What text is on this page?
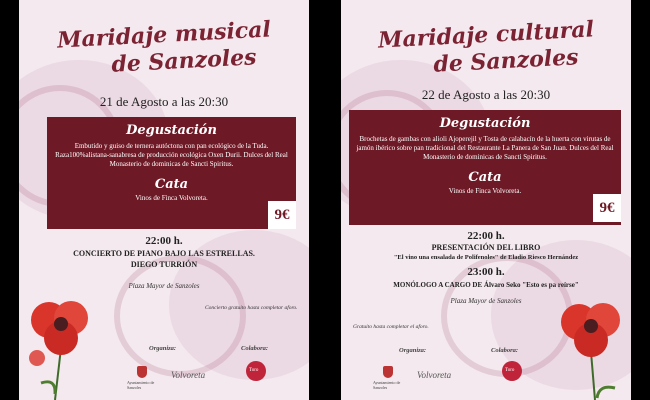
Maridaje musical
de Sanzoles
21 de Agosto a las 20:30
Degustación
Embutido y guiso de ternera autóctona con pan ecológico de la Tuda. Raza100%alistana-sanabresa de producción ecológica Oxen Durii. Dulces del Real Monasterio de dominicas de Sancti Spiritus.
Cata
Vinos de Finca Volvoreta.
9€
22:00 h.
CONCIERTO DE PIANO BAJO LAS ESTRELLAS.
DIEGO TURRIÓN
Plaza Mayor de Sanzoles
Concierto gratuito hasta completar aforo.
Organiza:	Colabora:
Ayuntamiento de Sanzoles
Volvoreta	Toro
Maridaje cultural
de Sanzoles
22 de Agosto a las 20:30
Degustación
Brochetas de gambas con alioli Ajoperejil y Tosta de calabacín de la huerta con virutas de jamón ibérico sobre pan tradicional del Restaurante La Panera de San Juan. Dulces del Real Monasterio de dominicas de Sancti Spiritus.
Cata
Vinos de Finca Volvoreta.
9€
22:00 h.
PRESENTACIÓN DEL LIBRO
"El vino una ensalada de Polifenoles" de Eladio Riesco Hernández
23:00 h.
MONÓLOGO A CARGO DE Álvaro Seko "Esto es pa reírse"
Plaza Mayor de Sanzoles
Gratuito hasta completar el aforo.
Organiza:	Colabora:
Ayuntamiento de Sanzoles
Volvoreta	Toro
